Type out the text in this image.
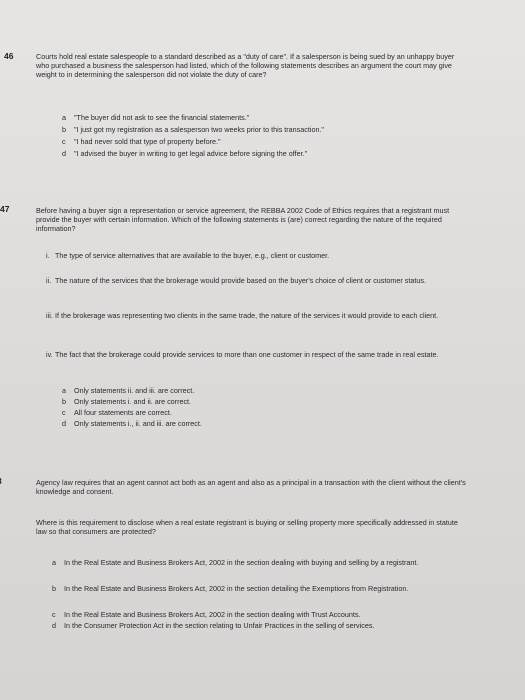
46	Courts hold real estate salespeople to a standard described as a "duty of care". If a salesperson is being sued by an unhappy buyer who purchased a business the salesperson had listed, which of the following statements describes an argument the court may give weight to in determining the salesperson did not violate the duty of care?

a "The buyer did not ask to see the financial statements."
b "I just got my registration as a salesperson two weeks prior to this transaction."
c "I had never sold that type of property before."
d "I advised the buyer in writing to get legal advice before signing the offer."
47	Before having a buyer sign a representation or service agreement, the REBBA 2002 Code of Ethics requires that a registrant must provide the buyer with certain information. Which of the following statements is (are) correct regarding the nature of the required information?

i. The type of service alternatives that are available to the buyer, e.g., client or customer.

ii. The nature of the services that the brokerage would provide based on the buyer's choice of client or customer status.

iii. If the brokerage was representing two clients in the same trade, the nature of the services it would provide to each client.

iv. The fact that the brokerage could provide services to more than one customer in respect of the same trade in real estate.

a Only statements ii. and iii. are correct.
b Only statements i. and ii. are correct.
c All four statements are correct.
d Only statements i., ii. and iii. are correct.

Agency law requires that an agent cannot act both as an agent and also as a principal in a transaction with the client without the client's knowledge and consent.

Where is this requirement to disclose when a real estate registrant is buying or selling property more specifically addressed in statute law so that consumers are protected?

a In the Real Estate and Business Brokers Act, 2002 in the section dealing with buying and selling by a registrant.

b In the Real Estate and Business Brokers Act, 2002 in the section detailing the Exemptions from Registration.

c In the Real Estate and Business Brokers Act, 2002 in the section dealing with Trust Accounts.
d In the Consumer Protection Act in the section relating to Unfair Practices in the selling of services.
